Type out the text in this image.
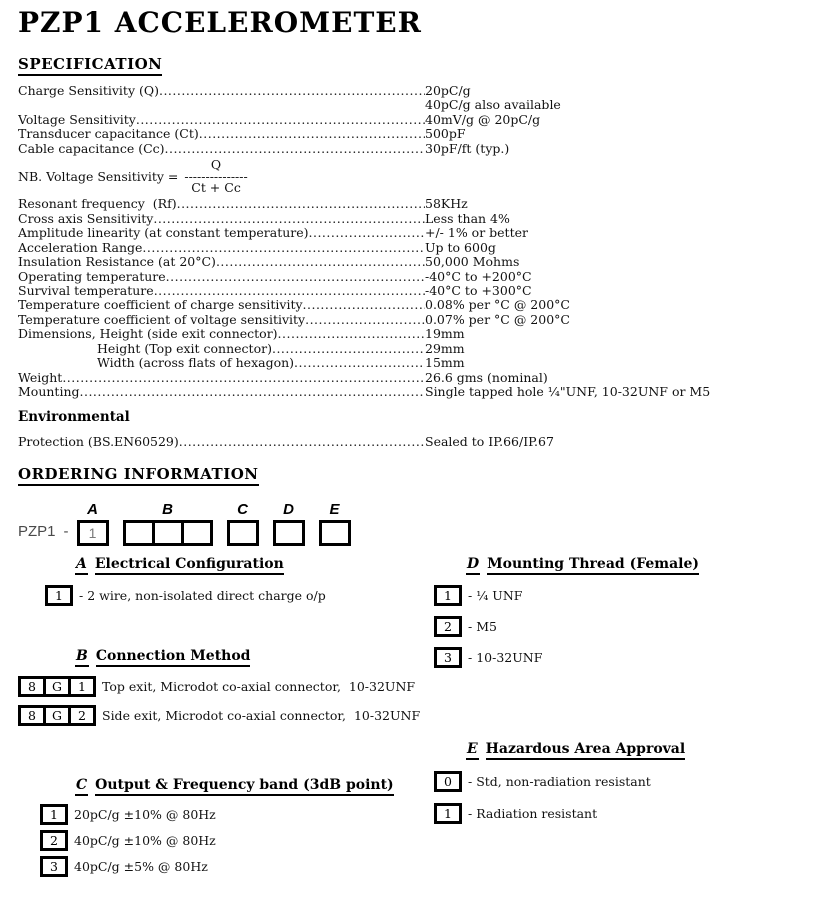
PZP1 ACCELEROMETER
SPECIFICATION
Charge Sensitivity (Q) .....	20pC/g
40pC/g also available
Voltage Sensitivity .....	40mV/g @ 20pC/g
Transducer capacitance (Ct) .....	500pF
Cable capacitance (Cc) .....	30pF/ft (typ.)
NB. Voltage Sensitivity =
Q
---------------
Ct + Cc
Resonant frequency  (Rf) .....	58KHz
Cross axis Sensitivity .....	Less than 4%
Amplitude linearity (at constant temperature) .....	+/- 1% or better
Acceleration Range .....	Up to 600g
Insulation Resistance (at 20°C) .....	50,000 Mohms
Operating temperature .....	-40°C to +200°C
Survival temperature .....	-40°C to +300°C
Temperature coefficient of charge sensitivity .....	0.08% per °C @ 200°C
Temperature coefficient of voltage sensitivity .....	0.07% per °C @ 200°C
Dimensions, Height (side exit connector) .....	19mm
Height (Top exit connector) .....	29mm
Width (across flats of hexagon) .....	15mm
Weight .....	26.6 gms (nominal)
Mounting .....	Single tapped hole ¼"UNF, 10-32UNF or M5
Environmental
Protection (BS.EN60529) .....	Sealed to IP.66/IP.67
ORDERING INFORMATION
PZP1 -
A
1
B	C D E
A Electrical Configuration
1	- 2 wire, non-isolated direct charge o/p
B Connection Method
8	G	1	Top exit, Microdot co-axial connector,  10-32UNF
8	G	2	Side exit, Microdot co-axial connector,  10-32UNF
C Output & Frequency band (3dB point)
1	20pC/g ±10% @ 80Hz
2	40pC/g ±10% @ 80Hz
3	40pC/g ±5% @ 80Hz
D Mounting Thread (Female)
1	- ¼ UNF
2	- M5
3	- 10-32UNF
E Hazardous Area Approval
0	- Std, non-radiation resistant
1	- Radiation resistant
